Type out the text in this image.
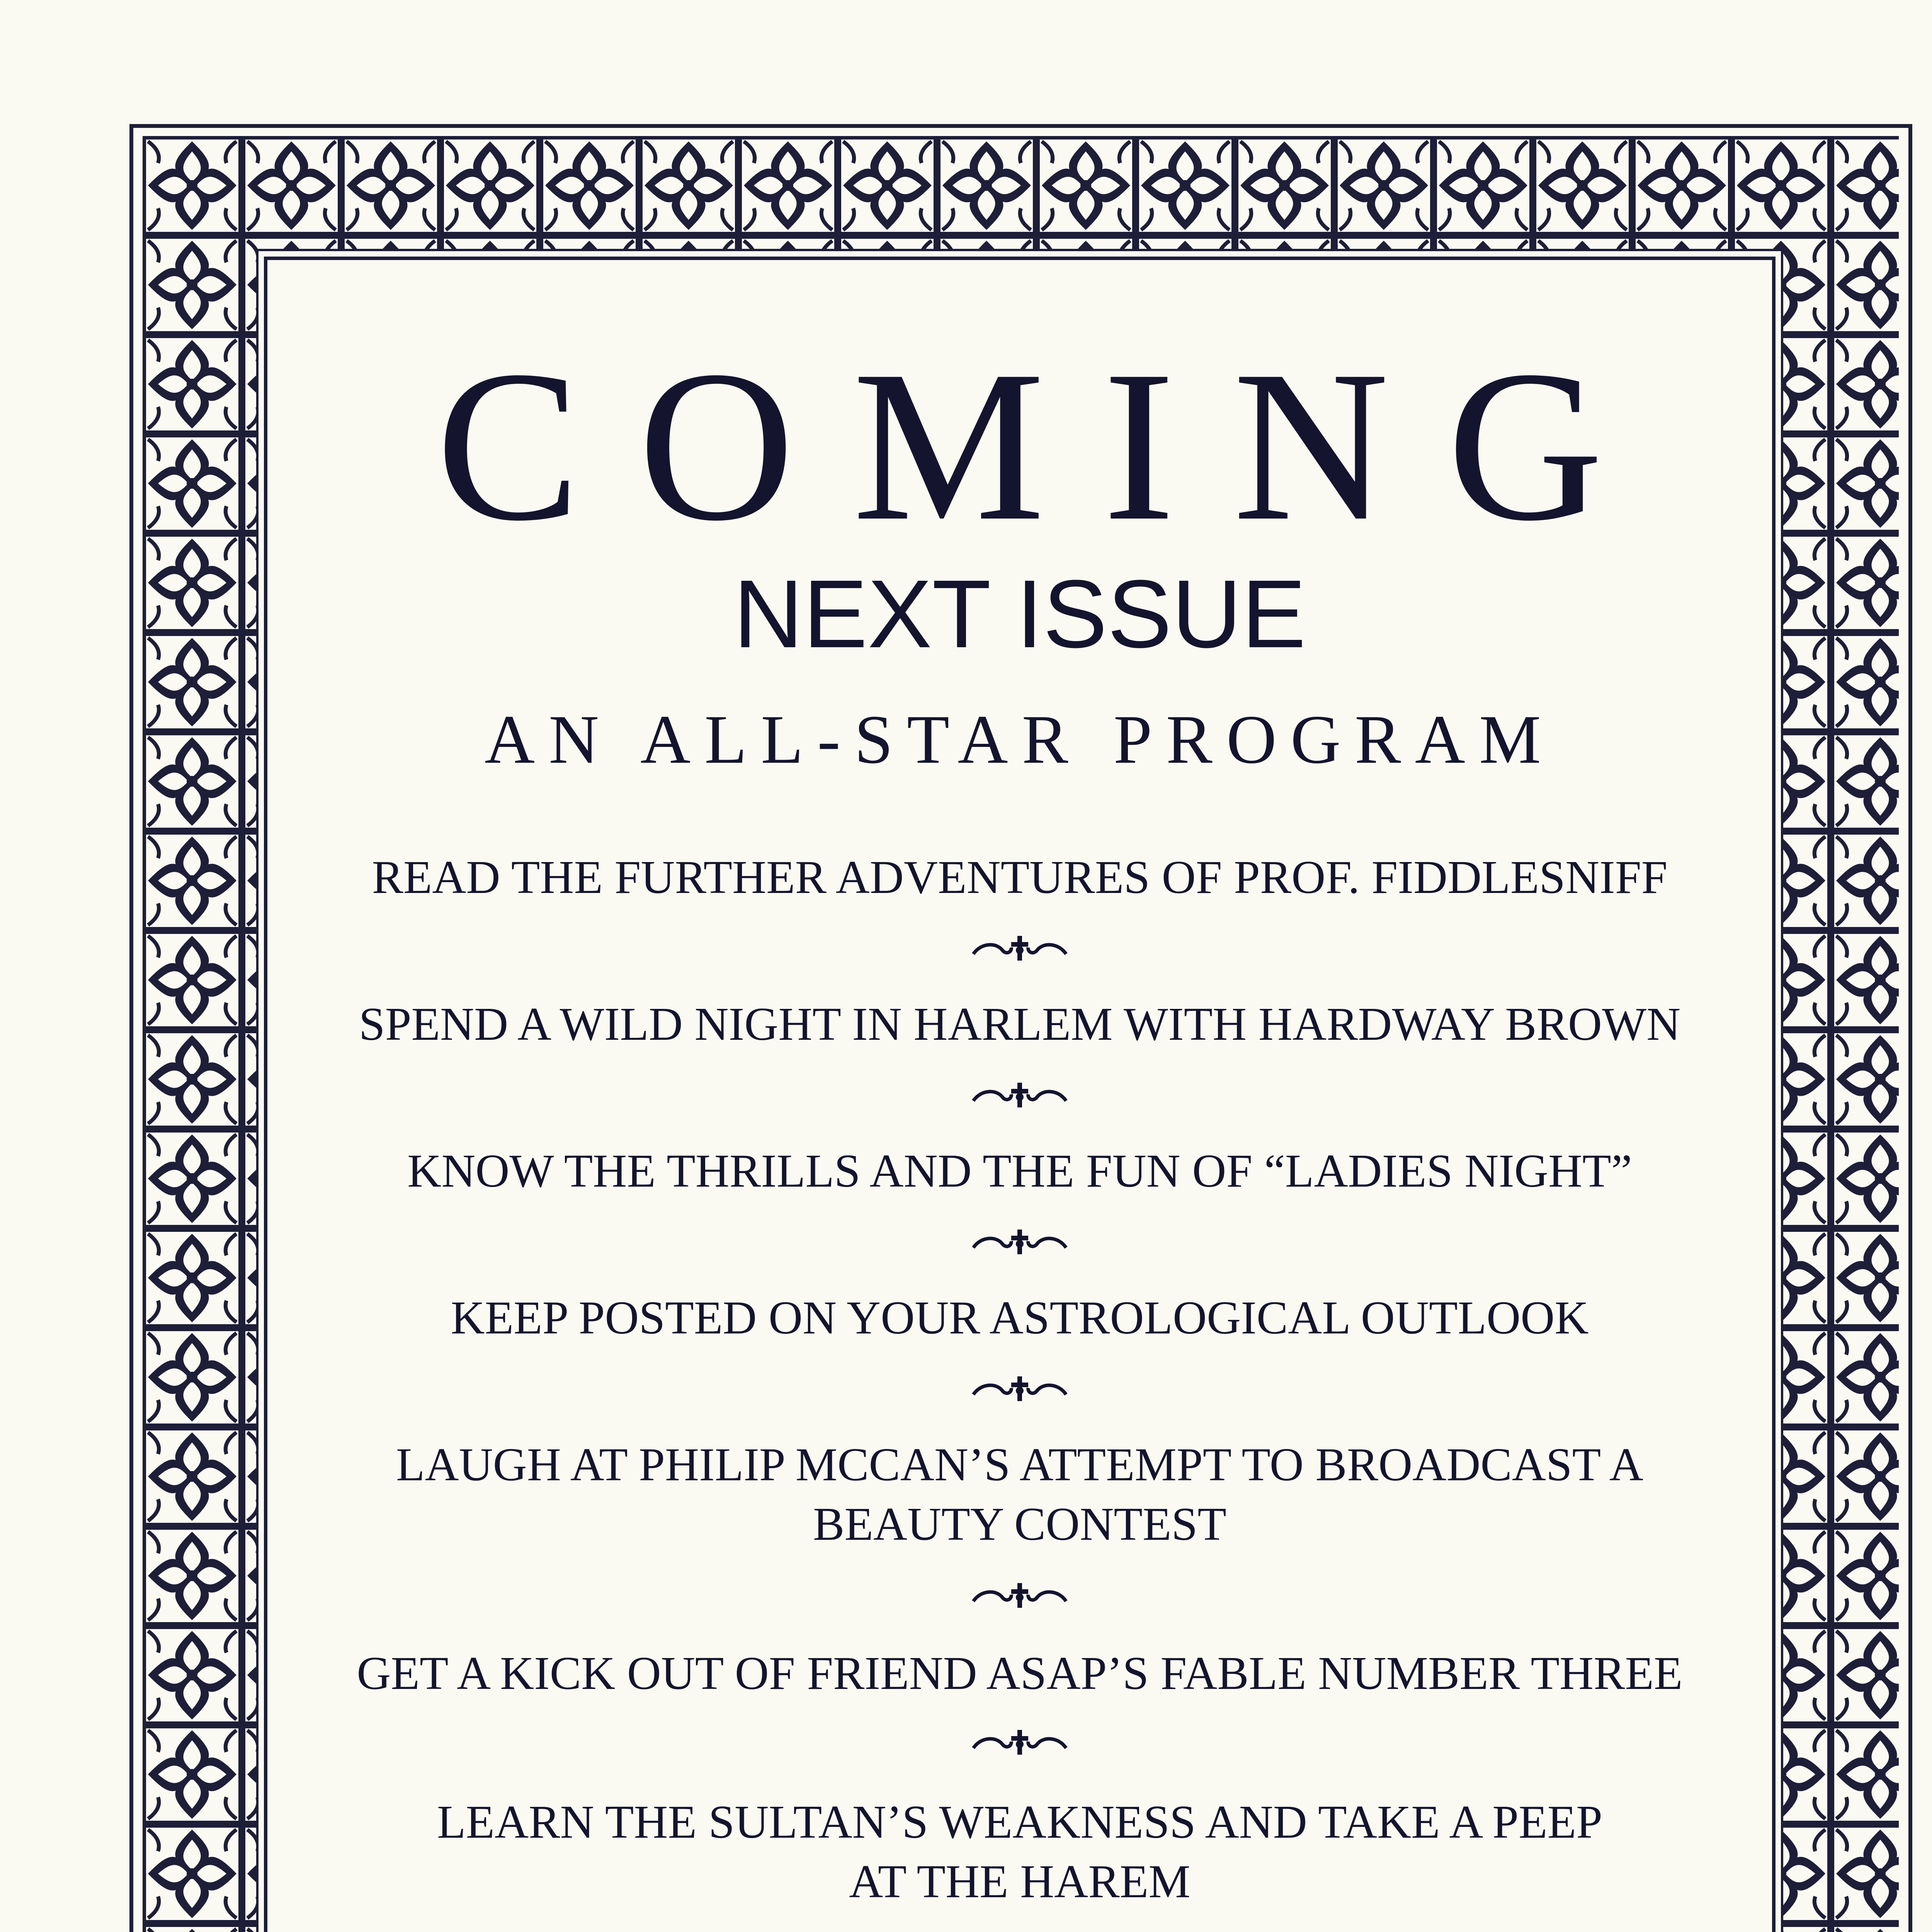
COMING
NEXT ISSUE
AN ALL-STAR PROGRAM
READ THE FURTHER ADVENTURES OF PROF. FIDDLESNIFF
SPEND A WILD NIGHT IN HARLEM WITH HARDWAY BROWN
KNOW THE THRILLS AND THE FUN OF “LADIES NIGHT”
KEEP POSTED ON YOUR ASTROLOGICAL OUTLOOK
LAUGH AT PHILIP MCCAN’S ATTEMPT TO BROADCAST A BEAUTY CONTEST
GET A KICK OUT OF FRIEND ASAP’S FABLE NUMBER THREE
LEARN THE SULTAN’S WEAKNESS AND TAKE A PEEP AT THE HAREM
